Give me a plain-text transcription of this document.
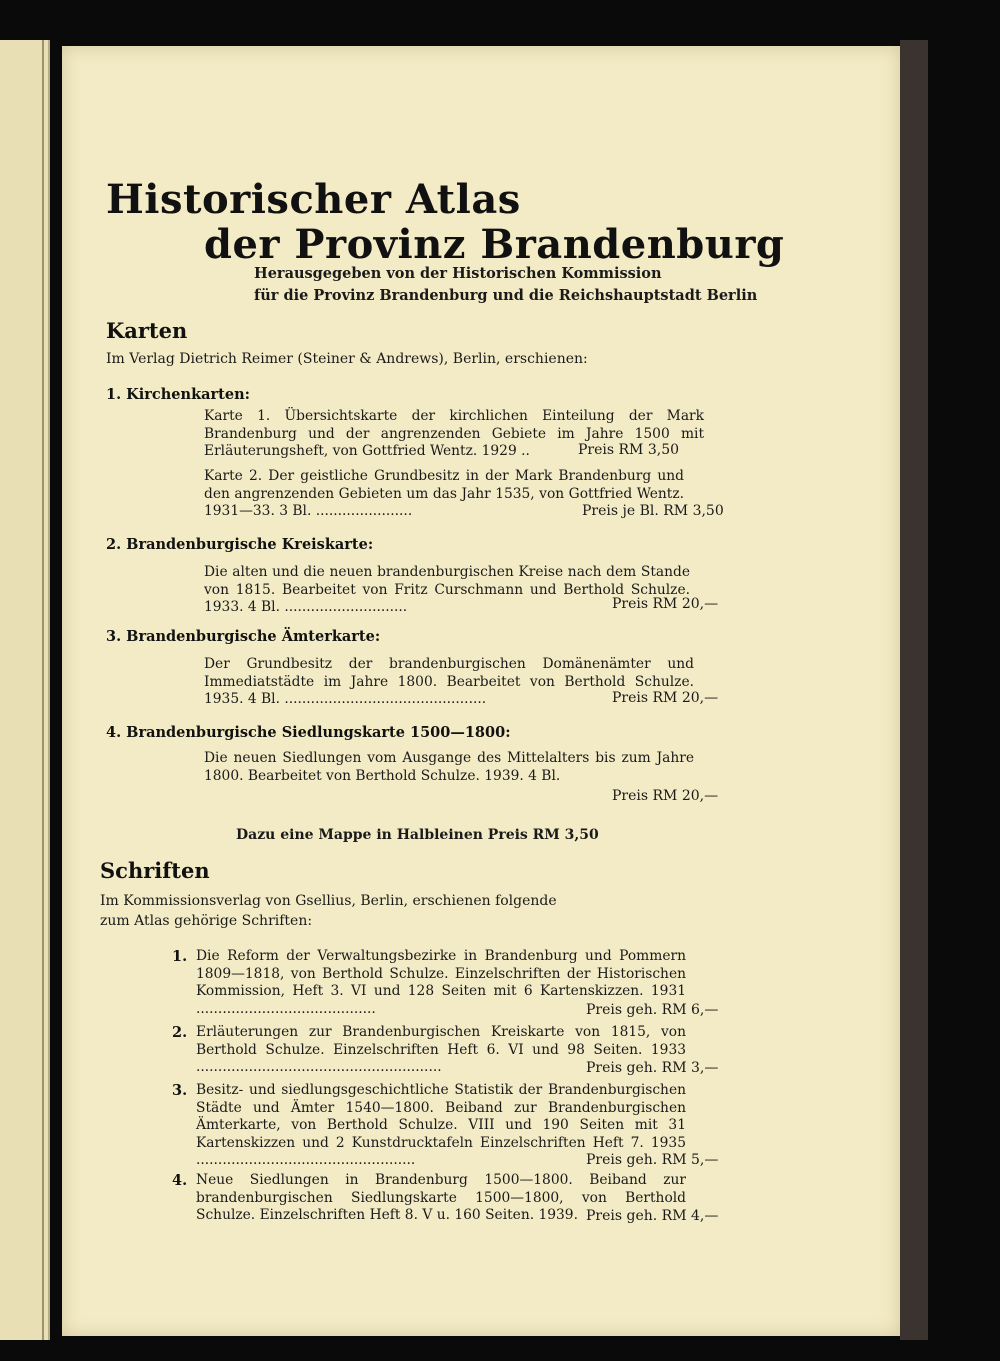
Historischer Atlas
der Provinz Brandenburg

Herausgegeben von der Historischen Kommission

für die Provinz Brandenburg und die Reichshauptstadt Berlin

Karten

Im Verlag Dietrich Reimer (Steiner & Andrews), Berlin, erschienen:

1. Kirchenkarten:

Karte 1. Übersichtskarte der kirchlichen Einteilung der Mark Brandenburg und der angrenzenden Gebiete im Jahre 1500 mit Erläuterungsheft, von Gottfried Wentz. 1929 ..	Preis RM 3,50

Karte 2. Der geistliche Grundbesitz in der Mark Brandenburg und den angrenzenden Gebieten um das Jahr 1535, von Gottfried Wentz. 1931—33. 3 Bl. ......................	Preis je Bl. RM 3,50

2. Brandenburgische Kreiskarte:

Die alten und die neuen brandenburgischen Kreise nach dem Stande von 1815. Bearbeitet von Fritz Curschmann und Berthold Schulze. 1933. 4 Bl. ............................	Preis RM 20,—

3. Brandenburgische Ämterkarte:

Der Grundbesitz der brandenburgischen Domänenämter und Immediatstädte im Jahre 1800. Bearbeitet von Berthold Schulze. 1935. 4 Bl. ..............................................	Preis RM 20,—

4. Brandenburgische Siedlungskarte 1500—1800:

Die neuen Siedlungen vom Ausgange des Mittelalters bis zum Jahre 1800. Bearbeitet von Berthold Schulze. 1939. 4 Bl.

Preis RM 20,—

Dazu eine Mappe in Halbleinen Preis RM 3,50

Schriften

Im Kommissionsverlag von Gsellius, Berlin, erschienen folgende

zum Atlas gehörige Schriften:

1. Die Reform der Verwaltungsbezirke in Brandenburg und Pommern 1809—1818, von Berthold Schulze. Einzelschriften der Historischen Kommission, Heft 3. VI und 128 Seiten mit 6 Kartenskizzen. 1931 .........................................	Preis geh. RM 6,—

2. Erläuterungen zur Brandenburgischen Kreiskarte von 1815, von Berthold Schulze. Einzelschriften Heft 6. VI und 98 Seiten. 1933 ........................................................	Preis geh. RM 3,—

3. Besitz- und siedlungsgeschichtliche Statistik der Brandenburgischen Städte und Ämter 1540—1800. Beiband zur Brandenburgischen Ämterkarte, von Berthold Schulze. VIII und 190 Seiten mit 31 Kartenskizzen und 2 Kunstdrucktafeln Einzelschriften Heft 7. 1935 ..................................................	Preis geh. RM 5,—

4. Neue Siedlungen in Brandenburg 1500—1800. Beiband zur brandenburgischen Siedlungskarte 1500—1800, von Berthold Schulze. Einzelschriften Heft 8. V u. 160 Seiten. 1939. Preis geh. RM 4,—
